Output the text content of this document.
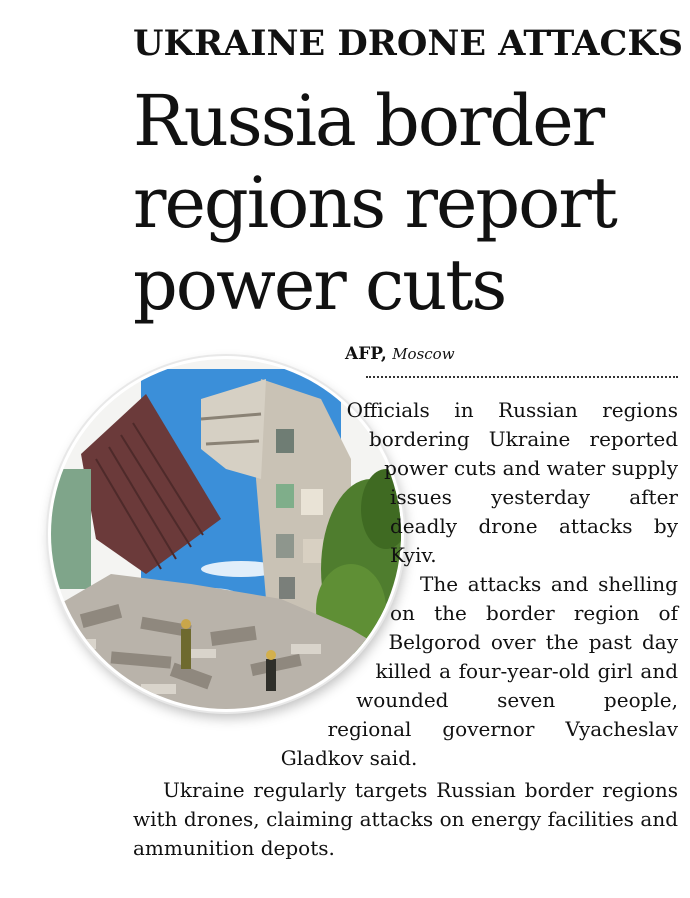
UKRAINE DRONE ATTACKS
Russia border
regions report
power cuts
AFP, Moscow

Officials in Russian regions bordering Ukraine reported power cuts and water supply issues yesterday after deadly drone attacks by Kyiv.

The attacks and shelling on the border region of Belgorod over the past day killed a four-year-old girl and wounded seven people, regional governor Vyacheslav Gladkov said.

Ukraine regularly targets Russian border regions with drones, claiming attacks on energy facilities and ammunition depots.
